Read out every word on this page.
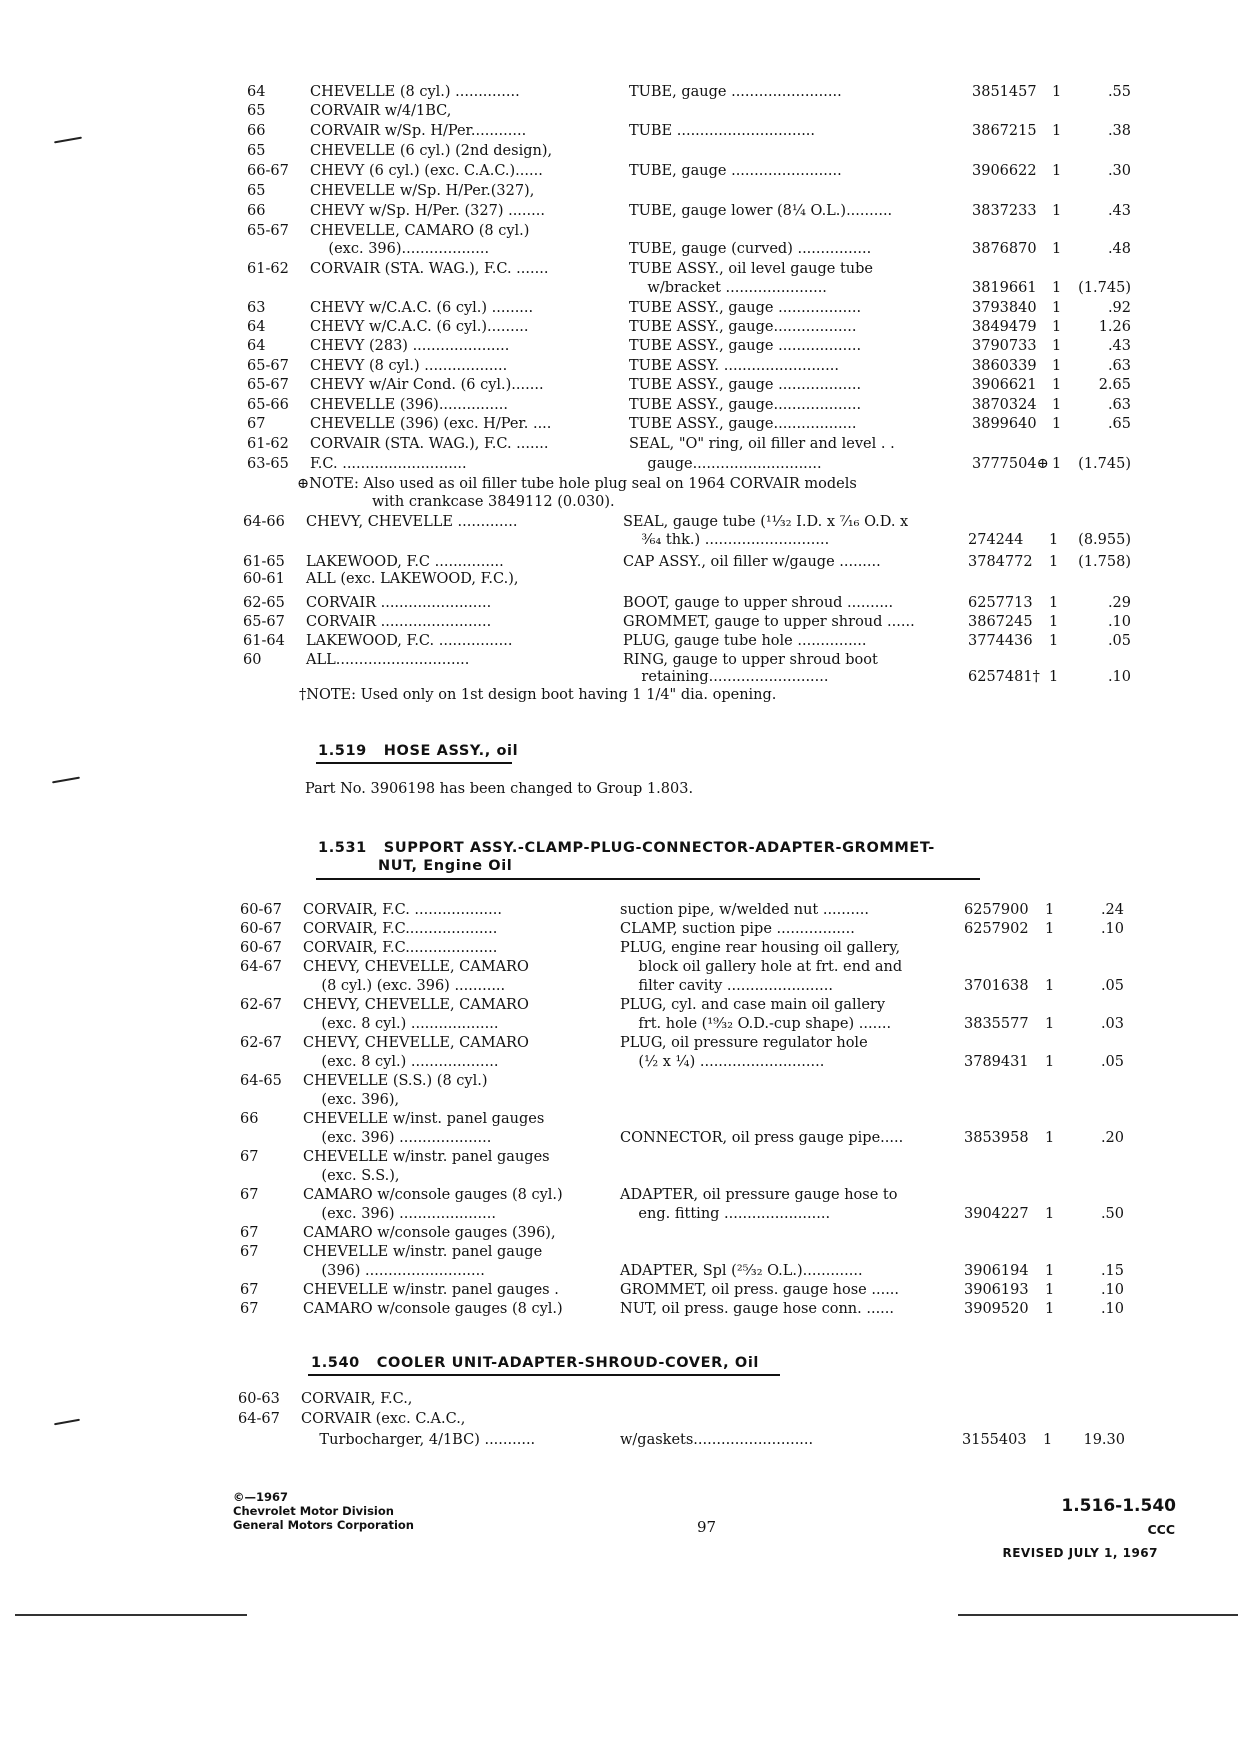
64	CHEVELLE (8 cyl.) ..............	TUBE, gauge ........................	3851457 1	.55
65	CORVAIR w/4/1BC,
66	CORVAIR w/Sp. H/Per............	TUBE ..............................	3867215 1	.38
65	CHEVELLE (6 cyl.) (2nd design),
66-67 CHEVY (6 cyl.) (exc. C.A.C.)......	TUBE, gauge ........................	3906622 1	.30
65	CHEVELLE w/Sp. H/Per.(327),
66	CHEVY w/Sp. H/Per. (327) ........	TUBE, gauge lower (8¼ O.L.)..........	3837233 1	.43
65-67 CHEVELLE, CAMARO (8 cyl.)
(exc. 396)...................	TUBE, gauge (curved) ................	3876870 1	.48
61-62 CORVAIR (STA. WAG.), F.C. .......	TUBE ASSY., oil level gauge tube
w/bracket ......................	3819661 1 (1.745)
63	CHEVY w/C.A.C. (6 cyl.) .........	TUBE ASSY., gauge ..................	3793840 1	.92
64	CHEVY w/C.A.C. (6 cyl.).........	TUBE ASSY., gauge..................	3849479 1	1.26
64	CHEVY (283) .....................	TUBE ASSY., gauge ..................	3790733 1	.43
65-67 CHEVY (8 cyl.) ..................	TUBE ASSY. .........................	3860339 1	.63
65-67 CHEVY w/Air Cond. (6 cyl.).......	TUBE ASSY., gauge ..................	3906621 1	2.65
65-66 CHEVELLE (396)...............	TUBE ASSY., gauge...................	3870324 1	.63
67	CHEVELLE (396) (exc. H/Per. ....	TUBE ASSY., gauge..................	3899640 1	.65
61-62 CORVAIR (STA. WAG.), F.C. .......	SEAL, "O" ring, oil filler and level . .
63-65 F.C. ...........................	gauge............................	3777504⊕ 1 (1.745)
⊕NOTE: Also used as oil filler tube hole plug seal on 1964 CORVAIR models
with crankcase 3849112 (0.030).
64-66 CHEVY, CHEVELLE .............	SEAL, gauge tube (¹¹⁄₃₂ I.D. x ⁷⁄₁₆ O.D. x
³⁄₆₄ thk.) ...........................	274244 1 (8.955)
61-65 LAKEWOOD, F.C ...............	CAP ASSY., oil filler w/gauge .........	3784772 1 (1.758)
60-61 ALL (exc. LAKEWOOD, F.C.),
62-65 CORVAIR ........................	BOOT, gauge to upper shroud ..........	6257713 1	.29
65-67 CORVAIR ........................	GROMMET, gauge to upper shroud ......	3867245 1	.10
61-64 LAKEWOOD, F.C. ................	PLUG, gauge tube hole ...............	3774436 1	.05
60	ALL.............................	RING, gauge to upper shroud boot
retaining..........................	6257481† 1	.10
†NOTE: Used only on 1st design boot having 1 1/4" dia. opening.
1.519   HOSE ASSY., oil
Part No. 3906198 has been changed to Group 1.803.
1.531   SUPPORT ASSY.-CLAMP-PLUG-CONNECTOR-ADAPTER-GROMMET-
NUT, Engine Oil
60-67 CORVAIR, F.C. ...................	suction pipe, w/welded nut ..........	6257900 1	.24
60-67 CORVAIR, F.C....................	CLAMP, suction pipe .................	6257902 1	.10
60-67 CORVAIR, F.C....................	PLUG, engine rear housing oil gallery,
64-67 CHEVY, CHEVELLE, CAMARO	block oil gallery hole at frt. end and
(8 cyl.) (exc. 396) ...........	filter cavity .......................	3701638 1	.05
62-67 CHEVY, CHEVELLE, CAMARO	PLUG, cyl. and case main oil gallery
(exc. 8 cyl.) ...................	frt. hole (¹⁹⁄₃₂ O.D.-cup shape) .......	3835577 1	.03
62-67 CHEVY, CHEVELLE, CAMARO	PLUG, oil pressure regulator hole
(exc. 8 cyl.) ...................	(½ x ¼) ...........................	3789431 1	.05
64-65 CHEVELLE (S.S.) (8 cyl.)
(exc. 396),
66	CHEVELLE w/inst. panel gauges
(exc. 396) ....................	CONNECTOR, oil press gauge pipe.....	3853958 1	.20
67	CHEVELLE w/instr. panel gauges
(exc. S.S.),
67	CAMARO w/console gauges (8 cyl.)	ADAPTER, oil pressure gauge hose to
(exc. 396) .....................	eng. fitting .......................	3904227 1	.50
67	CAMARO w/console gauges (396),
67	CHEVELLE w/instr. panel gauge
(396) ..........................	ADAPTER, Spl (²⁵⁄₃₂ O.L.).............	3906194 1	.15
67	CHEVELLE w/instr. panel gauges .	GROMMET, oil press. gauge hose ......	3906193 1	.10
67	CAMARO w/console gauges (8 cyl.)	NUT, oil press. gauge hose conn. ......	3909520 1	.10
1.540   COOLER UNIT-ADAPTER-SHROUD-COVER, Oil
60-63 CORVAIR, F.C.,
64-67 CORVAIR (exc. C.A.C.,
Turbocharger, 4/1BC) ...........	w/gaskets..........................	3155403 1 19.30
©—1967
Chevrolet Motor Division
General Motors Corporation	97
1.516-1.540
CCC
REVISED JULY 1, 1967
